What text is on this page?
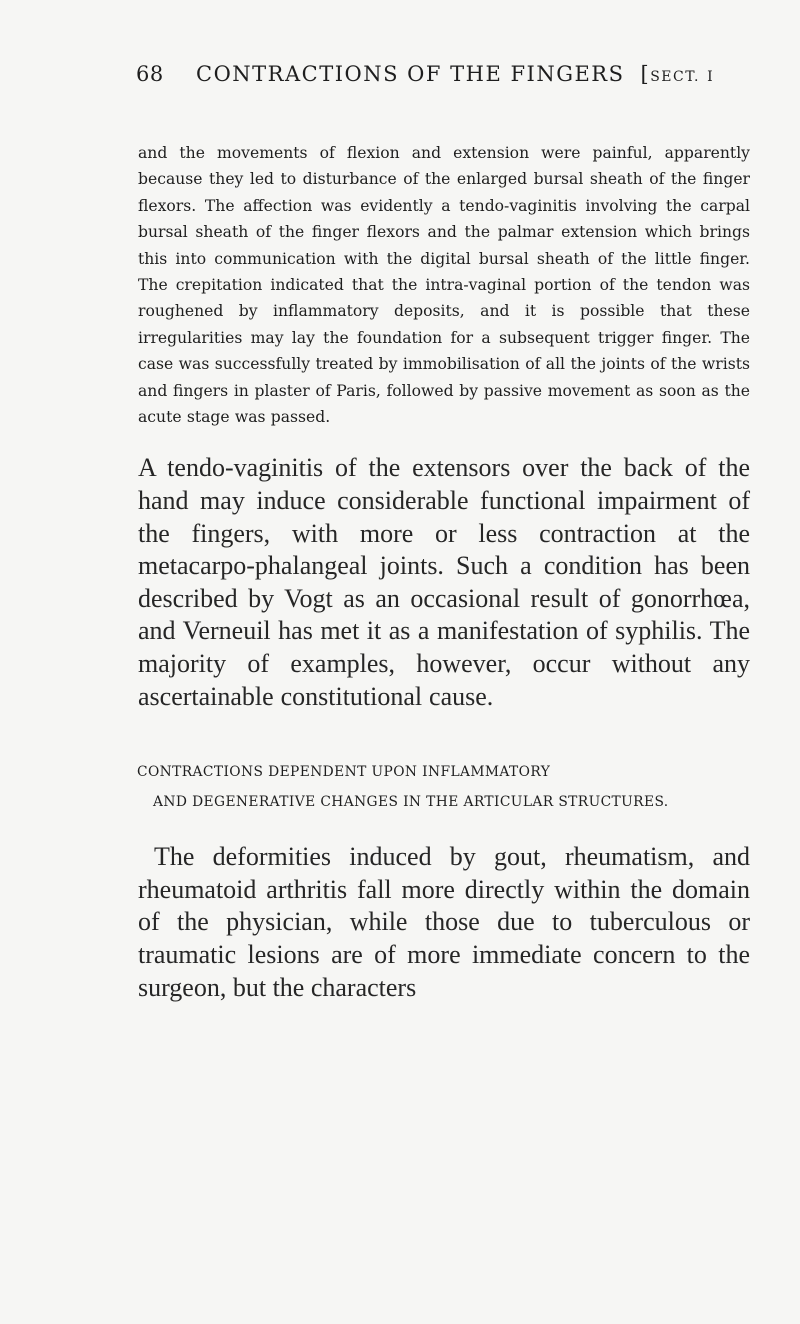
68	CONTRACTIONS OF THE FINGERS [SECT. I

and the movements of flexion and extension were painful, apparently because they led to disturbance of the enlarged bursal sheath of the finger flexors. The affection was evidently a tendo-vaginitis involving the carpal bursal sheath of the finger flexors and the palmar extension which brings this into communication with the digital bursal sheath of the little finger. The crepitation indicated that the intra-vaginal portion of the tendon was roughened by inflammatory deposits, and it is possible that these irregularities may lay the foundation for a subsequent trigger finger. The case was successfully treated by immobilisation of all the joints of the wrists and fingers in plaster of Paris, followed by passive movement as soon as the acute stage was passed.

A tendo-vaginitis of the extensors over the back of the hand may induce considerable functional impairment of the fingers, with more or less contraction at the metacarpo-phalangeal joints. Such a condition has been described by Vogt as an occasional result of gonorrhœa, and Verneuil has met it as a manifestation of syphilis. The majority of examples, however, occur without any ascertainable constitutional cause.

CONTRACTIONS DEPENDENT UPON INFLAMMATORY
AND DEGENERATIVE CHANGES IN THE ARTICULAR STRUCTURES.

The deformities induced by gout, rheumatism, and rheumatoid arthritis fall more directly within the domain of the physician, while those due to tuberculous or traumatic lesions are of more immediate concern to the surgeon, but the characters
